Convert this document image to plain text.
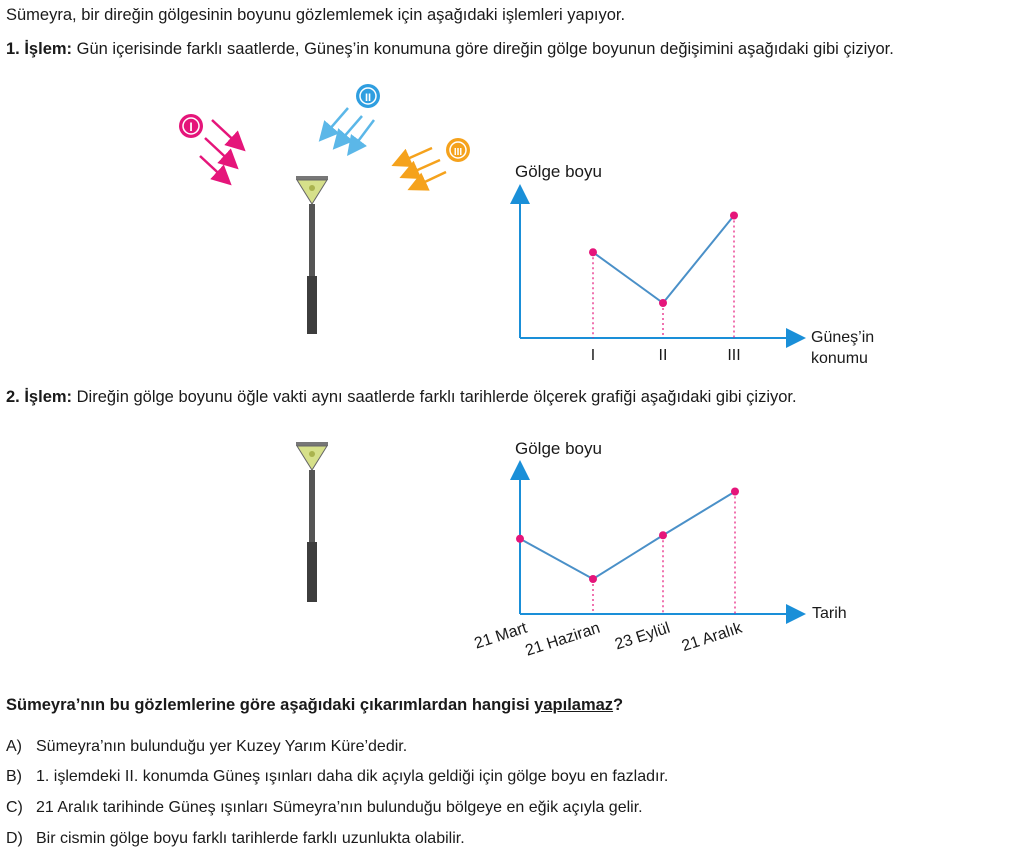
Sümeyra, bir direğin gölgesinin boyunu gözlemlemek için aşağıdaki işlemleri yapıyor.
1. İşlem: Gün içerisinde farklı saatlerde, Güneş’in konumuna göre direğin gölge boyunun değişimini aşağıdaki gibi çiziyor.
I
II
III
Gölge boyu
Güneş’in
konumu
I	II	III
2. İşlem: Direğin gölge boyunu öğle vakti aynı saatlerde farklı tarihlerde ölçerek grafiği aşağıdaki gibi çiziyor.
Gölge boyu
Tarih
21 Mart
21 Haziran 23 Eylül 21 Aralık
Sümeyra’nın bu gözlemlerine göre aşağıdaki çıkarımlardan hangisi yapılamaz?
A) Sümeyra’nın bulunduğu yer Kuzey Yarım Küre’dedir.
B) 1. işlemdeki II. konumda Güneş ışınları daha dik açıyla geldiği için gölge boyu en fazladır.
C) 21 Aralık tarihinde Güneş ışınları Sümeyra’nın bulunduğu bölgeye en eğik açıyla gelir.
D) Bir cismin gölge boyu farklı tarihlerde farklı uzunlukta olabilir.
